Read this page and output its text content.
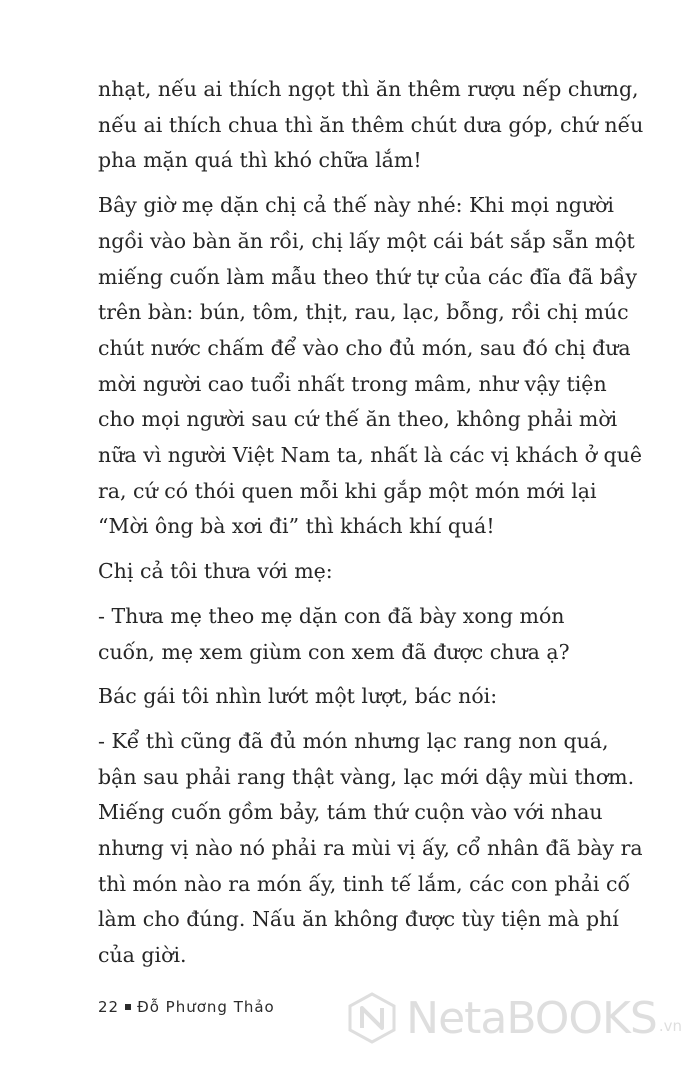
nhạt, nếu ai thích ngọt thì ăn thêm rượu nếp chưng,
nếu ai thích chua thì ăn thêm chút dưa góp, chứ nếu
pha mặn quá thì khó chữa lắm!
Bây giờ mẹ dặn chị cả thế này nhé: Khi mọi người
ngồi vào bàn ăn rồi, chị lấy một cái bát sắp sẵn một
miếng cuốn làm mẫu theo thứ tự của các đĩa đã bầy
trên bàn: bún, tôm, thịt, rau, lạc, bỗng, rồi chị múc
chút nước chấm để vào cho đủ món, sau đó chị đưa
mời người cao tuổi nhất trong mâm, như vậy tiện
cho mọi người sau cứ thế ăn theo, không phải mời
nữa vì người Việt Nam ta, nhất là các vị khách ở quê
ra, cứ có thói quen mỗi khi gắp một món mới lại
“Mời ông bà xơi đi” thì khách khí quá!
Chị cả tôi thưa với mẹ:
- Thưa mẹ theo mẹ dặn con đã bày xong món
cuốn, mẹ xem giùm con xem đã được chưa ạ?
Bác gái tôi nhìn lướt một lượt, bác nói:
- Kể thì cũng đã đủ món nhưng lạc rang non quá,
bận sau phải rang thật vàng, lạc mới dậy mùi thơm.
Miếng cuốn gồm bảy, tám thứ cuộn vào với nhau
nhưng vị nào nó phải ra mùi vị ấy, cổ nhân đã bày ra
thì món nào ra món ấy, tinh tế lắm, các con phải cố
làm cho đúng. Nấu ăn không được tùy tiện mà phí
của giời.
22 Đỗ Phương Thảo	NetaBOOKS .vn
